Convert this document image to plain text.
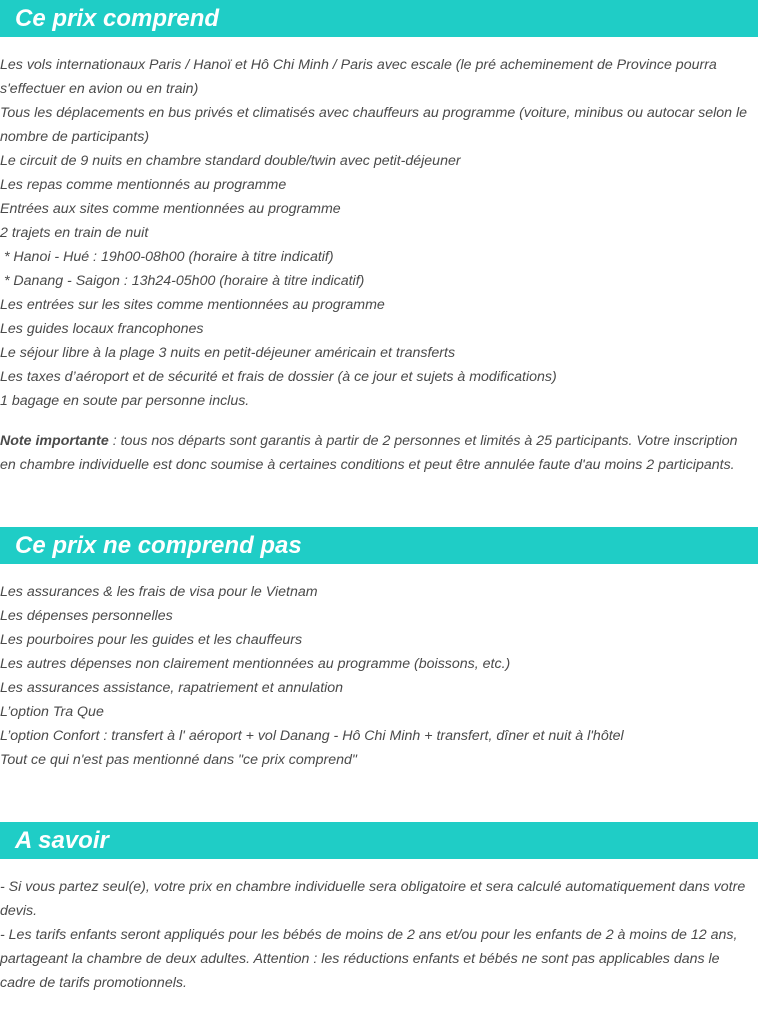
Ce prix comprend
Les vols internationaux Paris / Hanoï et Hô Chi Minh / Paris avec escale (le pré acheminement de Province pourra s'effectuer en avion ou en train)
Tous les déplacements en bus privés et climatisés avec chauffeurs au programme (voiture, minibus ou autocar selon le nombre de participants)
Le circuit de 9 nuits en chambre standard double/twin avec petit-déjeuner
Les repas comme mentionnés au programme
Entrées aux sites comme mentionnées au programme
2 trajets en train de nuit
* Hanoi - Hué : 19h00-08h00 (horaire à titre indicatif)
* Danang - Saigon : 13h24-05h00 (horaire à titre indicatif)
Les entrées sur les sites comme mentionnées au programme
Les guides locaux francophones
Le séjour libre à la plage 3 nuits en petit-déjeuner américain et transferts
Les taxes d’aéroport et de sécurité et frais de dossier (à ce jour et sujets à modifications)
1 bagage en soute par personne inclus.
Note importante : tous nos départs sont garantis à partir de 2 personnes et limités à 25 participants. Votre inscription en chambre individuelle est donc soumise à certaines conditions et peut être annulée faute d'au moins 2 participants.
Ce prix ne comprend pas
Les assurances & les frais de visa pour le Vietnam
Les dépenses personnelles
Les pourboires pour les guides et les chauffeurs
Les autres dépenses non clairement mentionnées au programme (boissons, etc.)
Les assurances assistance, rapatriement et annulation
L’option Tra Que
L’option Confort : transfert à l' aéroport + vol Danang - Hô Chi Minh + transfert, dîner et nuit à l'hôtel
Tout ce qui n'est pas mentionné dans "ce prix comprend"
A savoir
- Si vous partez seul(e), votre prix en chambre individuelle sera obligatoire et sera calculé automatiquement dans votre devis.
- Les tarifs enfants seront appliqués pour les bébés de moins de 2 ans et/ou pour les enfants de 2 à moins de 12 ans, partageant la chambre de deux adultes. Attention : les réductions enfants et bébés ne sont pas applicables dans le cadre de tarifs promotionnels.
